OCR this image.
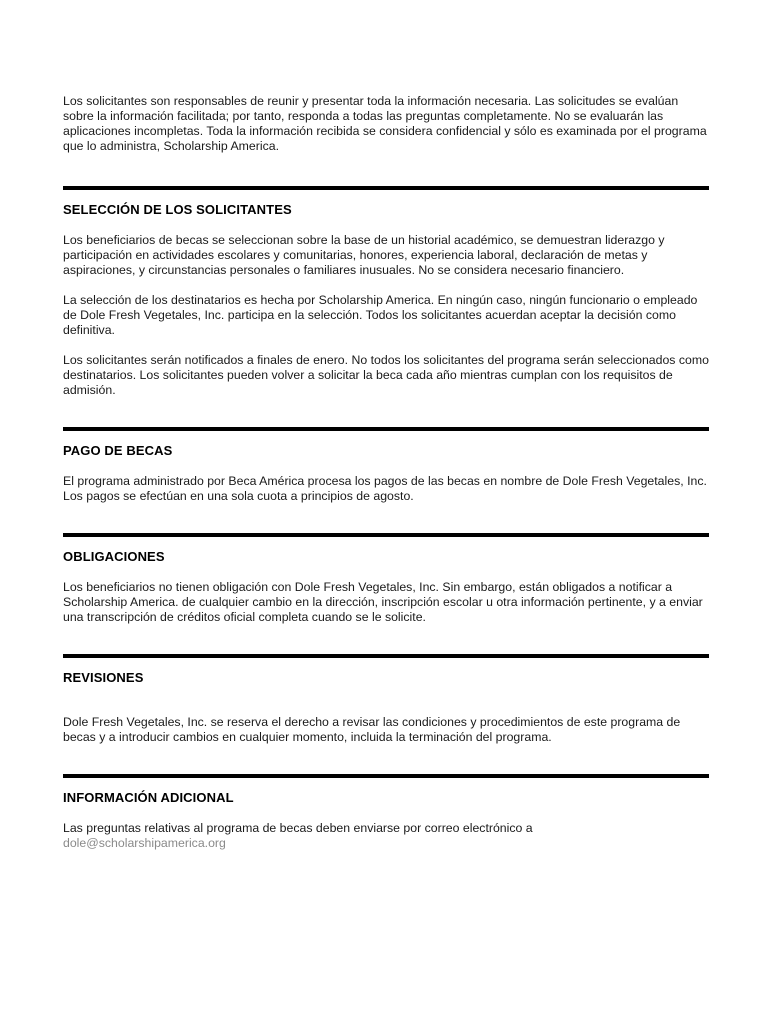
Los solicitantes son responsables de reunir y presentar toda la información necesaria. Las solicitudes se evalúan sobre la información facilitada; por tanto, responda a todas las preguntas completamente. No se evaluarán las aplicaciones incompletas. Toda la información recibida se considera confidencial y sólo es examinada por el programa que lo administra, Scholarship America.

SELECCIÓN DE LOS SOLICITANTES

Los beneficiarios de becas se seleccionan sobre la base de un historial académico, se demuestran liderazgo y participación en actividades escolares y comunitarias, honores, experiencia laboral, declaración de metas y aspiraciones, y circunstancias personales o familiares inusuales. No se considera necesario financiero.

La selección de los destinatarios es hecha por Scholarship America. En ningún caso, ningún funcionario o empleado de Dole Fresh Vegetales, Inc. participa en la selección. Todos los solicitantes acuerdan aceptar la decisión como definitiva.

Los solicitantes serán notificados a finales de enero. No todos los solicitantes del programa serán seleccionados como destinatarios. Los solicitantes pueden volver a solicitar la beca cada año mientras cumplan con los requisitos de admisión.

PAGO DE BECAS

El programa administrado por Beca América procesa los pagos de las becas en nombre de Dole Fresh Vegetales, Inc. Los pagos se efectúan en una sola cuota a principios de agosto.

OBLIGACIONES

Los beneficiarios no tienen obligación con Dole Fresh Vegetales, Inc. Sin embargo, están obligados a notificar a Scholarship America. de cualquier cambio en la dirección, inscripción escolar u otra información pertinente, y a enviar una transcripción de créditos oficial completa cuando se le solicite.

REVISIONES

Dole Fresh Vegetales, Inc. se reserva el derecho a revisar las condiciones y procedimientos de este programa de becas y a introducir cambios en cualquier momento, incluida la terminación del programa.

INFORMACIÓN ADICIONAL

Las preguntas relativas al programa de becas deben enviarse por correo electrónico a

dole@scholarshipamerica.org
